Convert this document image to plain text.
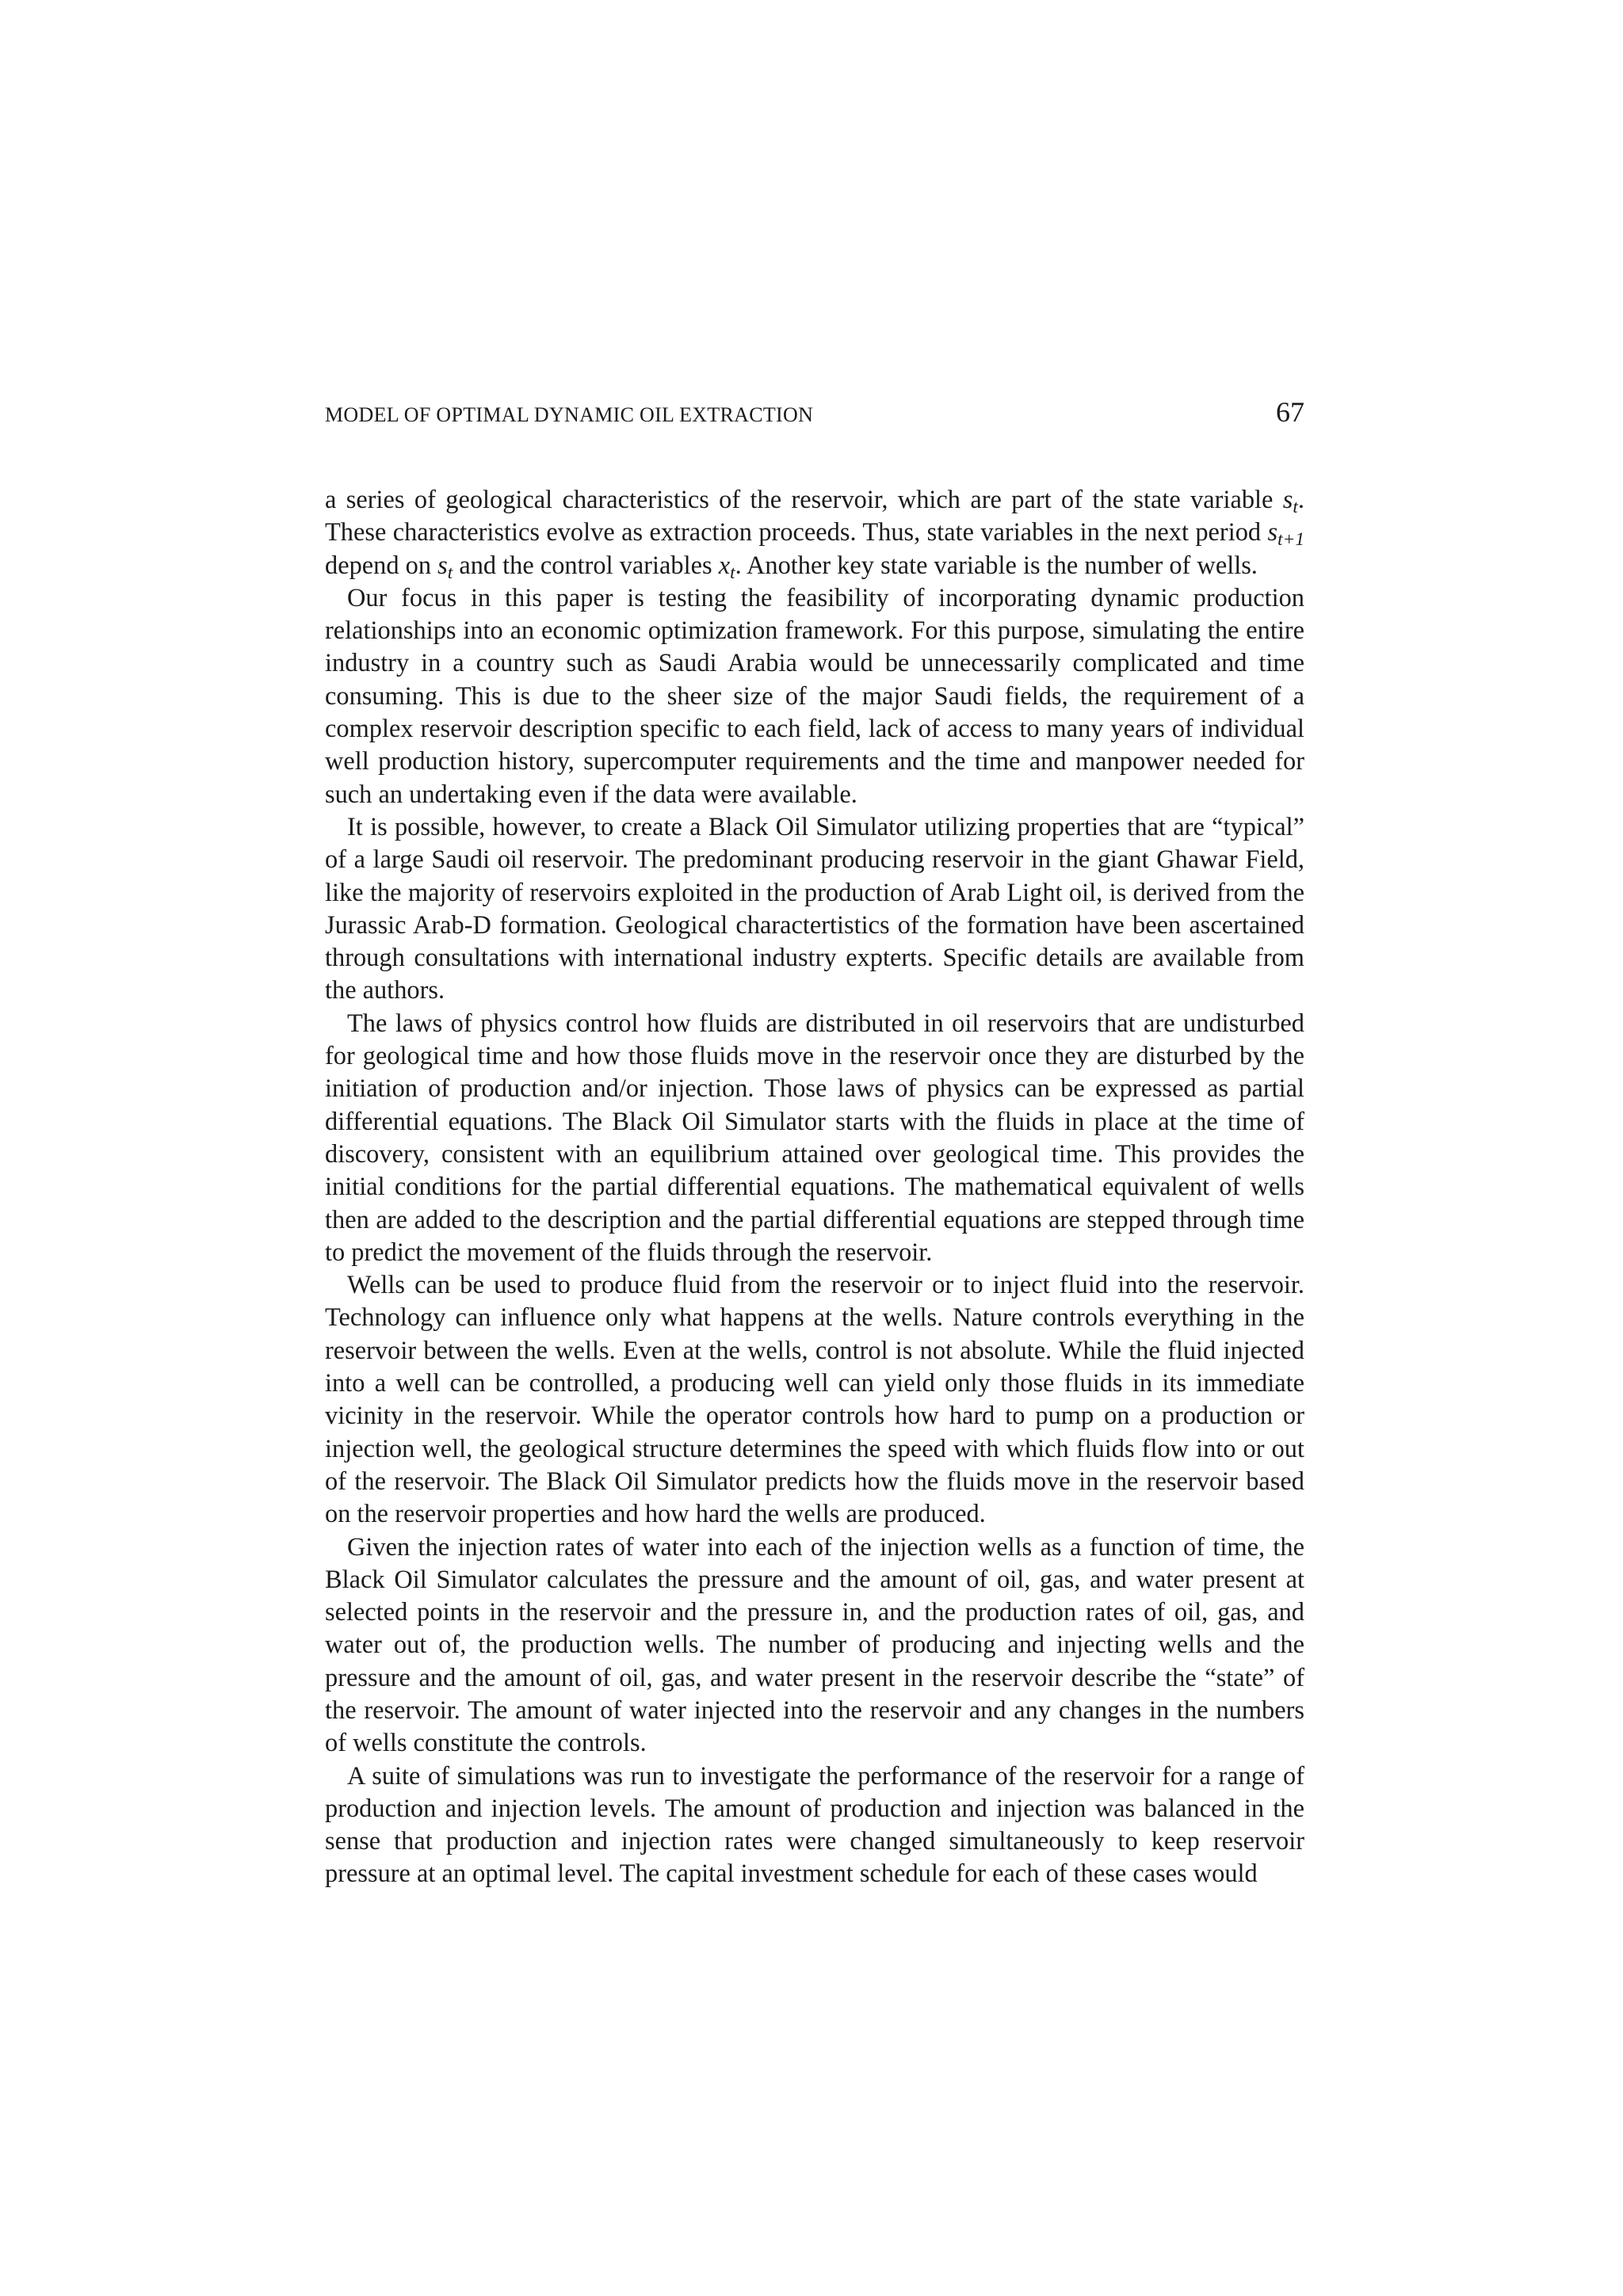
MODEL OF OPTIMAL DYNAMIC OIL EXTRACTION	67

a series of geological characteristics of the reservoir, which are part of the state variable $s_t$. These characteristics evolve as extraction proceeds. Thus, state variables in the next period $s_{t+1}$ depend on $s_t$ and the control variables $x_t$. Another key state variable is the number of wells.

Our focus in this paper is testing the feasibility of incorporating dynamic production relationships into an economic optimization framework. For this purpose, simulating the entire industry in a country such as Saudi Arabia would be unnecessarily complicated and time consuming. This is due to the sheer size of the major Saudi fields, the requirement of a complex reservoir description specific to each field, lack of access to many years of individual well production history, supercomputer requirements and the time and manpower needed for such an undertaking even if the data were available.

It is possible, however, to create a Black Oil Simulator utilizing properties that are “typical” of a large Saudi oil reservoir. The predominant producing reservoir in the giant Ghawar Field, like the majority of reservoirs exploited in the production of Arab Light oil, is derived from the Jurassic Arab-D formation. Geological charactertistics of the formation have been ascertained through consultations with international industry expterts. Specific details are available from the authors.

The laws of physics control how fluids are distributed in oil reservoirs that are undisturbed for geological time and how those fluids move in the reservoir once they are disturbed by the initiation of production and/or injection. Those laws of physics can be expressed as partial differential equations. The Black Oil Simulator starts with the fluids in place at the time of discovery, consistent with an equilibrium attained over geological time. This provides the initial conditions for the partial differential equations. The mathematical equivalent of wells then are added to the description and the partial differential equations are stepped through time to predict the movement of the fluids through the reservoir.

Wells can be used to produce fluid from the reservoir or to inject fluid into the reservoir. Technology can influence only what happens at the wells. Nature controls everything in the reservoir between the wells. Even at the wells, control is not absolute. While the fluid injected into a well can be controlled, a producing well can yield only those fluids in its immediate vicinity in the reservoir. While the operator controls how hard to pump on a production or injection well, the geological structure determines the speed with which fluids flow into or out of the reservoir. The Black Oil Simulator predicts how the fluids move in the reservoir based on the reservoir properties and how hard the wells are produced.

Given the injection rates of water into each of the injection wells as a function of time, the Black Oil Simulator calculates the pressure and the amount of oil, gas, and water present at selected points in the reservoir and the pressure in, and the production rates of oil, gas, and water out of, the production wells. The number of producing and injecting wells and the pressure and the amount of oil, gas, and water present in the reservoir describe the “state” of the reservoir. The amount of water injected into the reservoir and any changes in the numbers of wells constitute the controls.

A suite of simulations was run to investigate the performance of the reservoir for a range of production and injection levels. The amount of production and injection was balanced in the sense that production and injection rates were changed simultaneously to keep reservoir pressure at an optimal level. The capital investment schedule for each of these cases would
